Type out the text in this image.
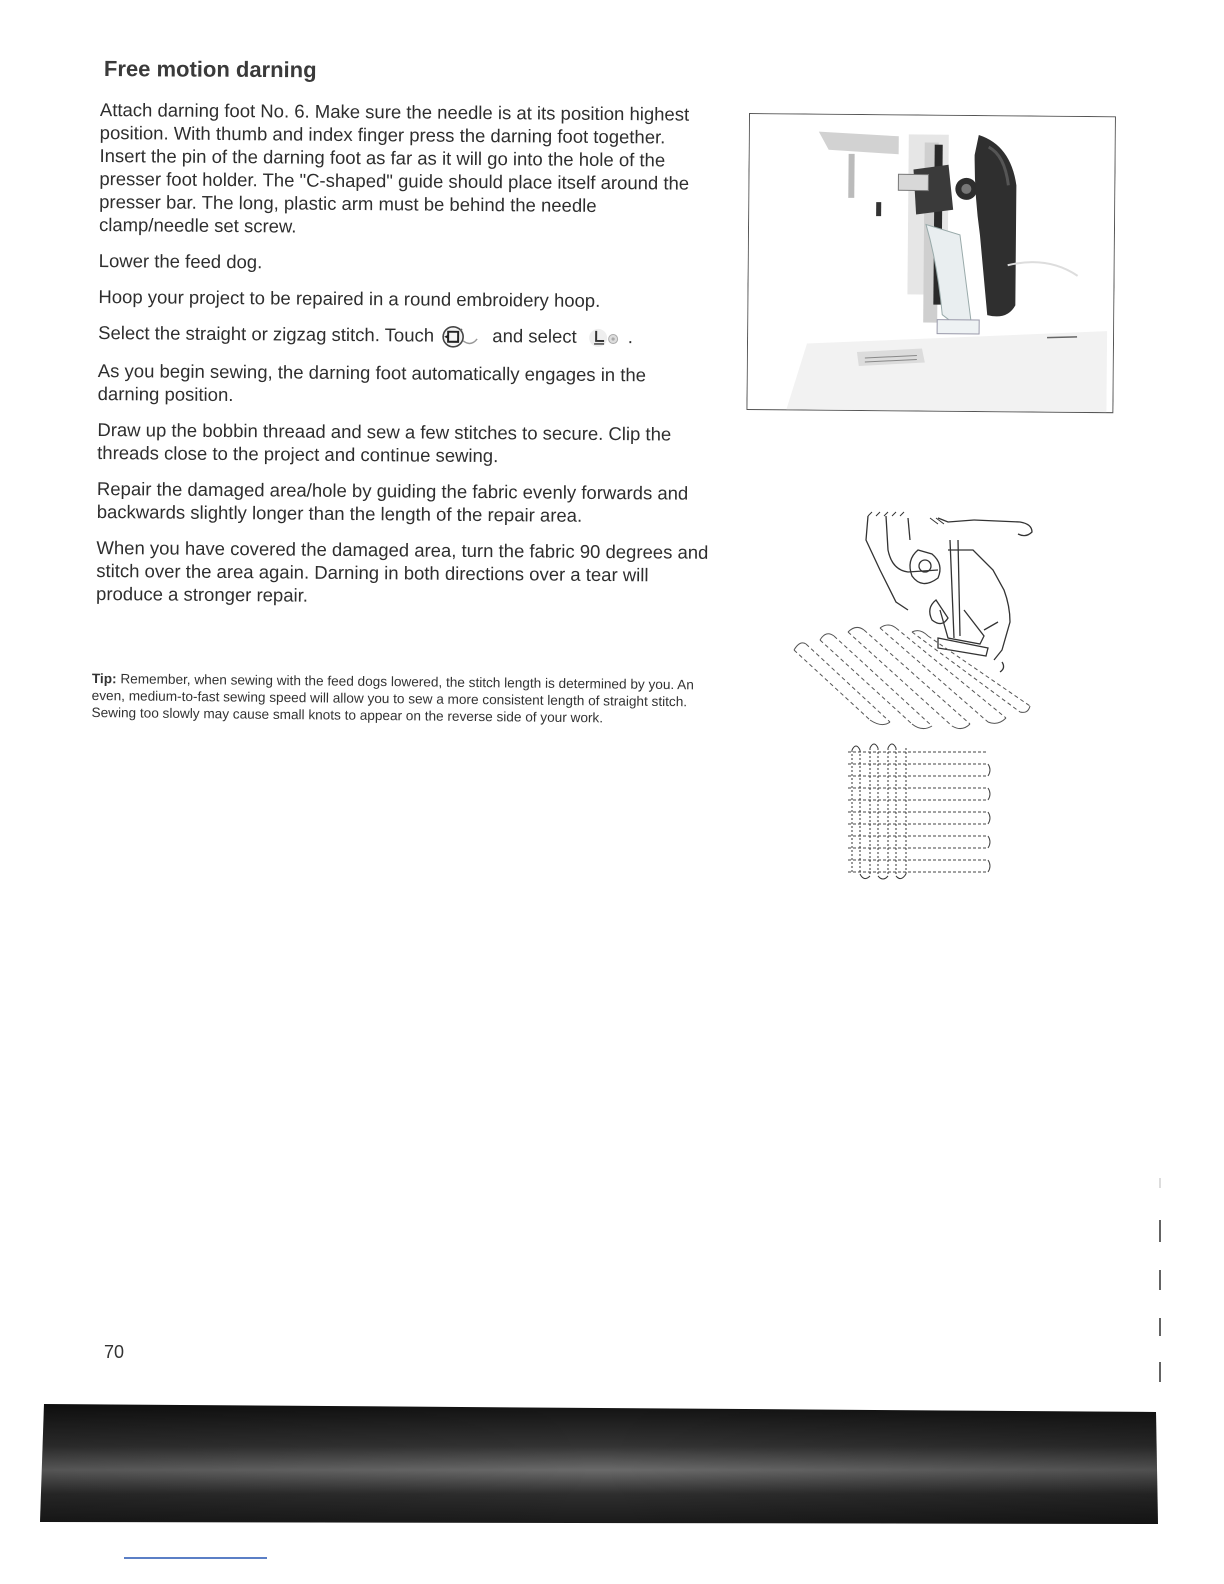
Free motion darning

Attach darning foot No. 6. Make sure the needle is at its position highest position. With thumb and index finger press the darning foot together. Insert the pin of the darning foot as far as it will go into the hole of the presser foot holder. The "C-shaped" guide should place itself around the presser bar. The long, plastic arm must be behind the needle clamp/needle set screw.

Lower the feed dog.

Hoop your project to be repaired in a round embroidery hoop.

Select the straight or zigzag stitch. Touch	and select	.

As you begin sewing, the darning foot automatically engages in the darning position.

Draw up the bobbin threaad and sew a few stitches to secure. Clip the threads close to the project and continue sewing.

Repair the damaged area/hole by guiding the fabric evenly forwards and backwards slightly longer than the length of the repair area.

When you have covered the damaged area, turn the fabric 90 degrees and stitch over the area again. Darning in both directions over a tear will produce a stronger repair.

Tip: Remember, when sewing with the feed dogs lowered, the stitch length is determined by you. An even, medium-to-fast sewing speed will allow you to sew a more consistent length of straight stitch. Sewing too slowly may cause small knots to appear on the reverse side of your work.
70
